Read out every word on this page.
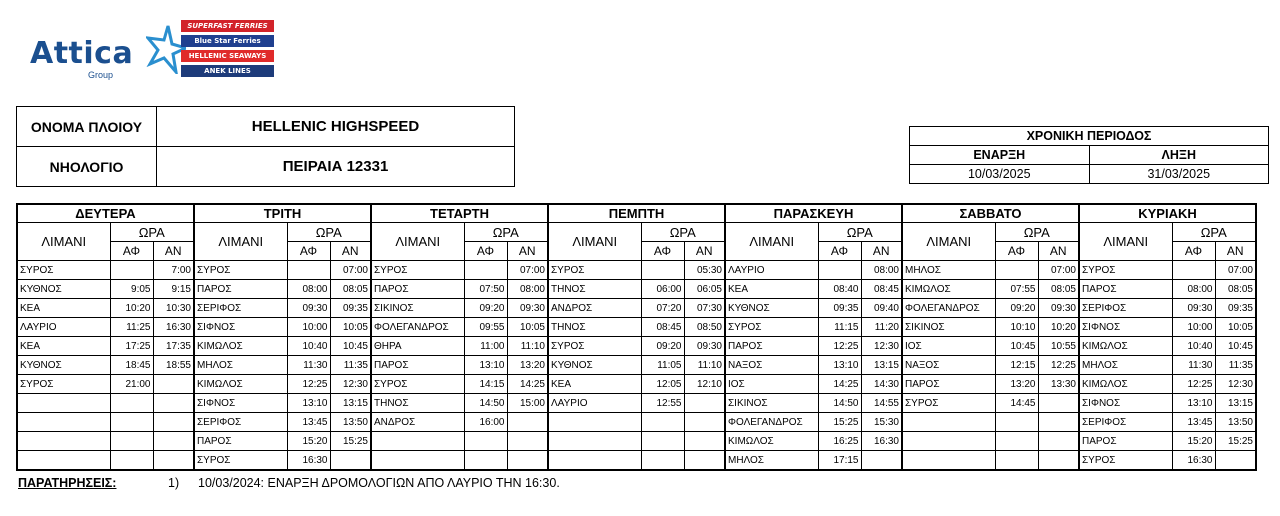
Attica
Group
SUPERFAST FERRIES
Blue Star Ferries
HELLENIC SEAWAYS
ANEK LINES
ΟΝΟΜΑ ΠΛΟΙΟΥ	HELLENIC HIGHSPEED
ΝΗΟΛΟΓΙΟ	ΠΕΙΡΑΙΑ 12331
ΧΡΟΝΙΚΗ ΠΕΡΙΟΔΟΣ	
ΕΝΑΡΞΗ	ΛΗΞΗ
10/03/2025	31/03/2025
ΔΕΥΤΕΡΑ			ΤΡΙΤΗ			ΤΕΤΑΡΤΗ			ΠΕΜΠΤΗ			ΠΑΡΑΣΚΕΥΗ			ΣΑΒΒΑΤΟ			ΚΥΡΙΑΚΗ		
ΛΙΜΑΝΙ	ΩΡΑ		ΛΙΜΑΝΙ	ΩΡΑ		ΛΙΜΑΝΙ	ΩΡΑ		ΛΙΜΑΝΙ	ΩΡΑ		ΛΙΜΑΝΙ	ΩΡΑ		ΛΙΜΑΝΙ	ΩΡΑ		ΛΙΜΑΝΙ	ΩΡΑ	
	ΑΦ	ΑΝ		ΑΦ	ΑΝ		ΑΦ	ΑΝ		ΑΦ	ΑΝ		ΑΦ	ΑΝ		ΑΦ	ΑΝ		ΑΦ	ΑΝ
ΣΥΡΟΣ		7:00	ΣΥΡΟΣ		07:00	ΣΥΡΟΣ		07:00	ΣΥΡΟΣ		05:30	ΛΑΥΡΙΟ		08:00	ΜΗΛΟΣ		07:00	ΣΥΡΟΣ		07:00
ΚΥΘΝΟΣ	9:05	9:15	ΠΑΡΟΣ	08:00	08:05	ΠΑΡΟΣ	07:50	08:00	ΤΗΝΟΣ	06:00	06:05	ΚΕΑ	08:40	08:45	ΚΙΜΩΛΟΣ	07:55	08:05	ΠΑΡΟΣ	08:00	08:05
ΚΕΑ	10:20	10:30	ΣΕΡΙΦΟΣ	09:30	09:35	ΣΙΚΙΝΟΣ	09:20	09:30	ΑΝΔΡΟΣ	07:20	07:30	ΚΥΘΝΟΣ	09:35	09:40	ΦΟΛΕΓΑΝΔΡΟΣ	09:20	09:30	ΣΕΡΙΦΟΣ	09:30	09:35
ΛΑΥΡΙΟ	11:25	16:30	ΣΙΦΝΟΣ	10:00	10:05	ΦΟΛΕΓΑΝΔΡΟΣ	09:55	10:05	ΤΗΝΟΣ	08:45	08:50	ΣΥΡΟΣ	11:15	11:20	ΣΙΚΙΝΟΣ	10:10	10:20	ΣΙΦΝΟΣ	10:00	10:05
ΚΕΑ	17:25	17:35	ΚΙΜΩΛΟΣ	10:40	10:45	ΘΗΡΑ	11:00	11:10	ΣΥΡΟΣ	09:20	09:30	ΠΑΡΟΣ	12:25	12:30	ΙΟΣ	10:45	10:55	ΚΙΜΩΛΟΣ	10:40	10:45
ΚΥΘΝΟΣ	18:45	18:55	ΜΗΛΟΣ	11:30	11:35	ΠΑΡΟΣ	13:10	13:20	ΚΥΘΝΟΣ	11:05	11:10	ΝΑΞΟΣ	13:10	13:15	ΝΑΞΟΣ	12:15	12:25	ΜΗΛΟΣ	11:30	11:35
ΣΥΡΟΣ	21:00		ΚΙΜΩΛΟΣ	12:25	12:30	ΣΥΡΟΣ	14:15	14:25	ΚΕΑ	12:05	12:10	ΙΟΣ	14:25	14:30	ΠΑΡΟΣ	13:20	13:30	ΚΙΜΩΛΟΣ	12:25	12:30
			ΣΙΦΝΟΣ	13:10	13:15	ΤΗΝΟΣ	14:50	15:00	ΛΑΥΡΙΟ	12:55		ΣΙΚΙΝΟΣ	14:50	14:55	ΣΥΡΟΣ	14:45		ΣΙΦΝΟΣ	13:10	13:15
			ΣΕΡΙΦΟΣ	13:45	13:50	ΑΝΔΡΟΣ	16:00					ΦΟΛΕΓΑΝΔΡΟΣ	15:25	15:30				ΣΕΡΙΦΟΣ	13:45	13:50
			ΠΑΡΟΣ	15:20	15:25							ΚΙΜΩΛΟΣ	16:25	16:30				ΠΑΡΟΣ	15:20	15:25
			ΣΥΡΟΣ	16:30								ΜΗΛΟΣ	17:15					ΣΥΡΟΣ	16:30	
ΠΑΡΑΤΗΡΗΣΕΙΣ:	1) 10/03/2024: ΕΝΑΡΞΗ ΔΡΟΜΟΛΟΓΙΩΝ ΑΠΟ ΛΑΥΡΙΟ ΤΗΝ 16:30.
